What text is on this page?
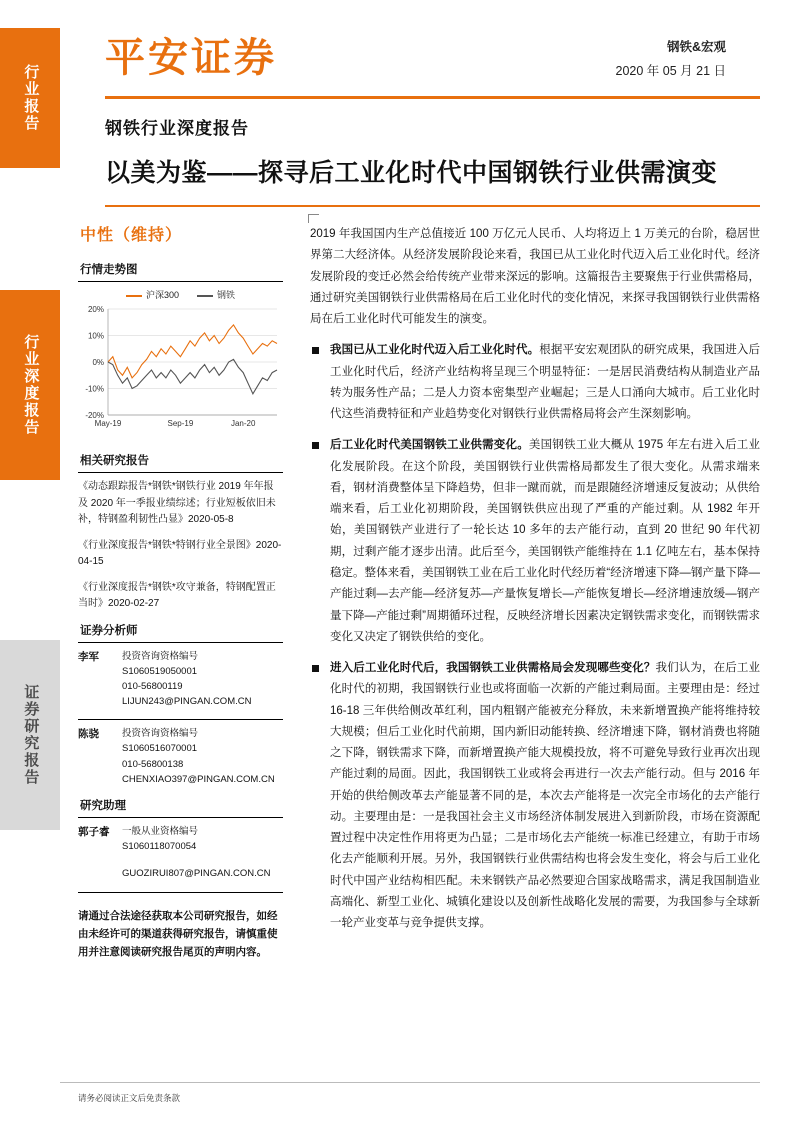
行业报告
行业深度报告
证券研究报告
平安证券	钢铁&宏观
2020 年 05 月 21 日
钢铁行业深度报告
以美为鉴——探寻后工业化时代中国钢铁行业供需演变
中性（维持）
行情走势图
沪深300	钢铁
-20%
-10%
0%
10%
20%
May-19	Sep-19	Jan-20
相关研究报告

《动态跟踪报告*钢铁*钢铁行业 2019 年年报及 2020 年一季报业绩综述；行业短板依旧未补，特钢盈利韧性凸显》2020-05-8

《行业深度报告*钢铁*特钢行业全景图》2020-04-15

《行业深度报告*钢铁*攻守兼备，特钢配置正当时》2020-02-27

证券分析师
李军 投资咨询资格编号
S1060519050001
010-56800119
LIJUN243@PINGAN.COM.CN
陈骁 投资咨询资格编号
S1060516070001
010-56800138
CHENXIAO397@PINGAN.COM.CN
研究助理
郭子睿 一般从业资格编号
S1060118070054
GUOZIRUI807@PINGAN.CON.CN
请通过合法途径获取本公司研究报告，如经由未经许可的渠道获得研究报告，请慎重使用并注意阅读研究报告尾页的声明内容。

2019 年我国国内生产总值接近 100 万亿元人民币、人均将迈上 1 万美元的台阶，稳居世界第二大经济体。从经济发展阶段论来看，我国已从工业化时代迈入后工业化时代。经济发展阶段的变迁必然会给传统产业带来深远的影响。这篇报告主要聚焦于行业供需格局，通过研究美国钢铁行业供需格局在后工业化时代的变化情况，来探寻我国钢铁行业供需格局在后工业化时代可能发生的演变。

我国已从工业化时代迈入后工业化时代。根据平安宏观团队的研究成果，我国进入后工业化时代后，经济产业结构将呈现三个明显特征：一是居民消费结构从制造业产品转为服务性产品；二是人力资本密集型产业崛起；三是人口涌向大城市。后工业化时代这些消费特征和产业趋势变化对钢铁行业供需格局将会产生深刻影响。

后工业化时代美国钢铁工业供需变化。美国钢铁工业大概从 1975 年左右进入后工业化发展阶段。在这个阶段，美国钢铁行业供需格局都发生了很大变化。从需求端来看，钢材消费整体呈下降趋势，但非一蹴而就，而是跟随经济增速反复波动；从供给端来看，后工业化初期阶段，美国钢铁供应出现了严重的产能过剩。从 1982 年开始，美国钢铁产业进行了一轮长达 10 多年的去产能行动，直到 20 世纪 90 年代初期，过剩产能才逐步出清。此后至今，美国钢铁产能维持在 1.1 亿吨左右，基本保持稳定。整体来看，美国钢铁工业在后工业化时代经历着“经济增速下降—钢产量下降—产能过剩—去产能—经济复苏—产量恢复增长—产能恢复增长—经济增速放缓—钢产量下降—产能过剩”周期循环过程，反映经济增长因素决定钢铁需求变化，而钢铁需求变化又决定了钢铁供给的变化。

进入后工业化时代后，我国钢铁工业供需格局会发现哪些变化？我们认为，在后工业化时代的初期，我国钢铁行业也或将面临一次新的产能过剩局面。主要理由是：经过 16-18 三年供给侧改革红利，国内粗钢产能被充分释放，未来新增置换产能将维持较大规模；但后工业化时代前期，国内新旧动能转换、经济增速下降，钢材消费也将随之下降，钢铁需求下降，而新增置换产能大规模投放，将不可避免导致行业再次出现产能过剩的局面。因此，我国钢铁工业或将会再进行一次去产能行动。但与 2016 年开始的供给侧改革去产能显著不同的是，本次去产能将是一次完全市场化的去产能行动。主要理由是：一是我国社会主义市场经济体制发展进入到新阶段，市场在资源配置过程中决定性作用将更为凸显；二是市场化去产能统一标准已经建立，有助于市场化去产能顺利开展。另外，我国钢铁行业供需结构也将会发生变化，将会与后工业化时代中国产业结构相匹配。未来钢铁产品必然要迎合国家战略需求，满足我国制造业高端化、新型工业化、城镇化建设以及创新性战略化发展的需要，为我国参与全球新一轮产业变革与竞争提供支撑。

请务必阅读正文后免责条款
